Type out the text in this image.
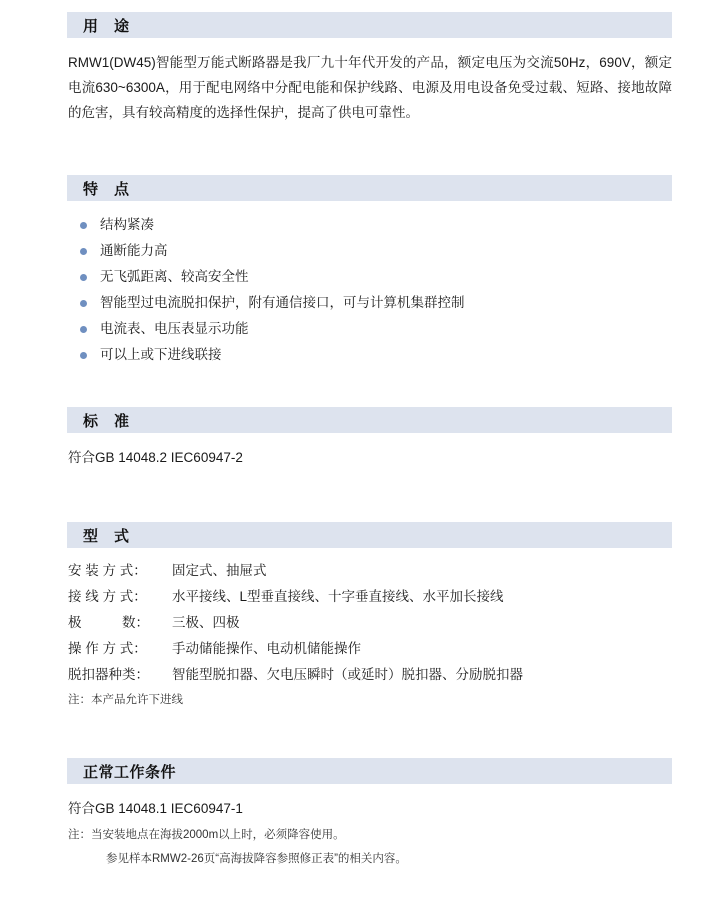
用　途
RMW1(DW45)智能型万能式断路器是我厂九十年代开发的产品，额定电压为交流50Hz，690V，额定电流630~6300A，用于配电网络中分配电能和保护线路、电源及用电设备免受过载、短路、接地故障的危害，具有较高精度的选择性保护，提高了供电可靠性。
特　点
结构紧凑
通断能力高
无飞弧距离、较高安全性
智能型过电流脱扣保护，附有通信接口，可与计算机集群控制
电流表、电压表显示功能
可以上或下进线联接
标　准
符合GB 14048.2 IEC60947-2
型　式
安 装 方 式：	固定式、抽屉式
接 线 方 式：	水平接线、L型垂直接线、十字垂直接线、水平加长接线
极　　　数：	三极、四极
操 作 方 式：	手动储能操作、电动机储能操作
脱扣器种类：	智能型脱扣器、欠电压瞬时（或延时）脱扣器、分励脱扣器
注：本产品允许下进线
正常工作条件
符合GB 14048.1 IEC60947-1
注：当安装地点在海拔2000m以上时，必须降容使用。
参见样本RMW2-26页“高海拔降容参照修正表”的相关内容。
